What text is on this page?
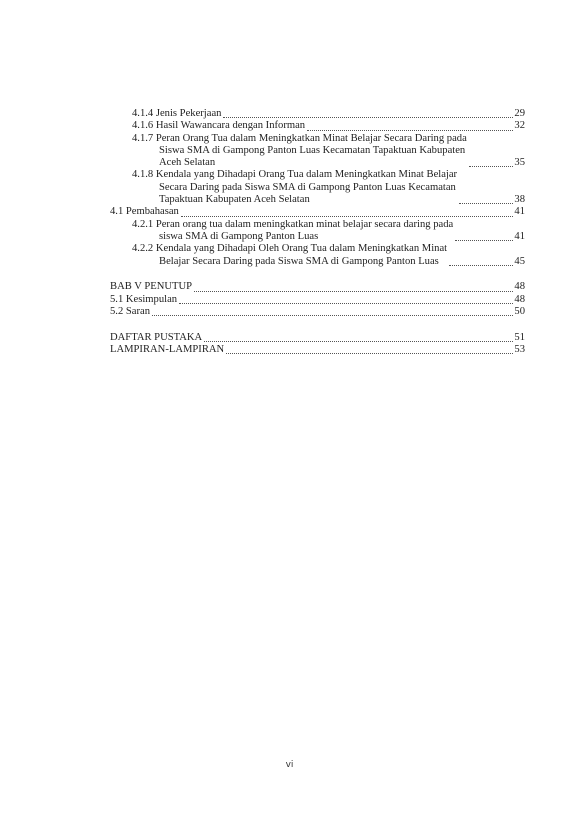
4.1.4 Jenis Pekerjaan	29
4.1.6 Hasil Wawancara dengan Informan	32
4.1.7 Peran Orang Tua dalam Meningkatkan Minat Belajar Secara Daring pada
Siswa SMA di Gampong Panton Luas Kecamatan Tapaktuan Kabupaten
Aceh Selatan	35
4.1.8 Kendala yang Dihadapi Orang Tua dalam Meningkatkan Minat Belajar
Secara Daring pada Siswa SMA di Gampong Panton Luas Kecamatan
Tapaktuan Kabupaten Aceh Selatan	38
4.1 Pembahasan	41
4.2.1 Peran orang tua dalam meningkatkan minat belajar secara daring pada
siswa SMA di Gampong Panton Luas	41
4.2.2 Kendala yang Dihadapi Oleh Orang Tua dalam Meningkatkan Minat
Belajar Secara Daring pada Siswa SMA di Gampong Panton Luas	45
BAB V PENUTUP	48
5.1 Kesimpulan	48
5.2 Saran	50
DAFTAR PUSTAKA	51
LAMPIRAN-LAMPIRAN	53
vi
